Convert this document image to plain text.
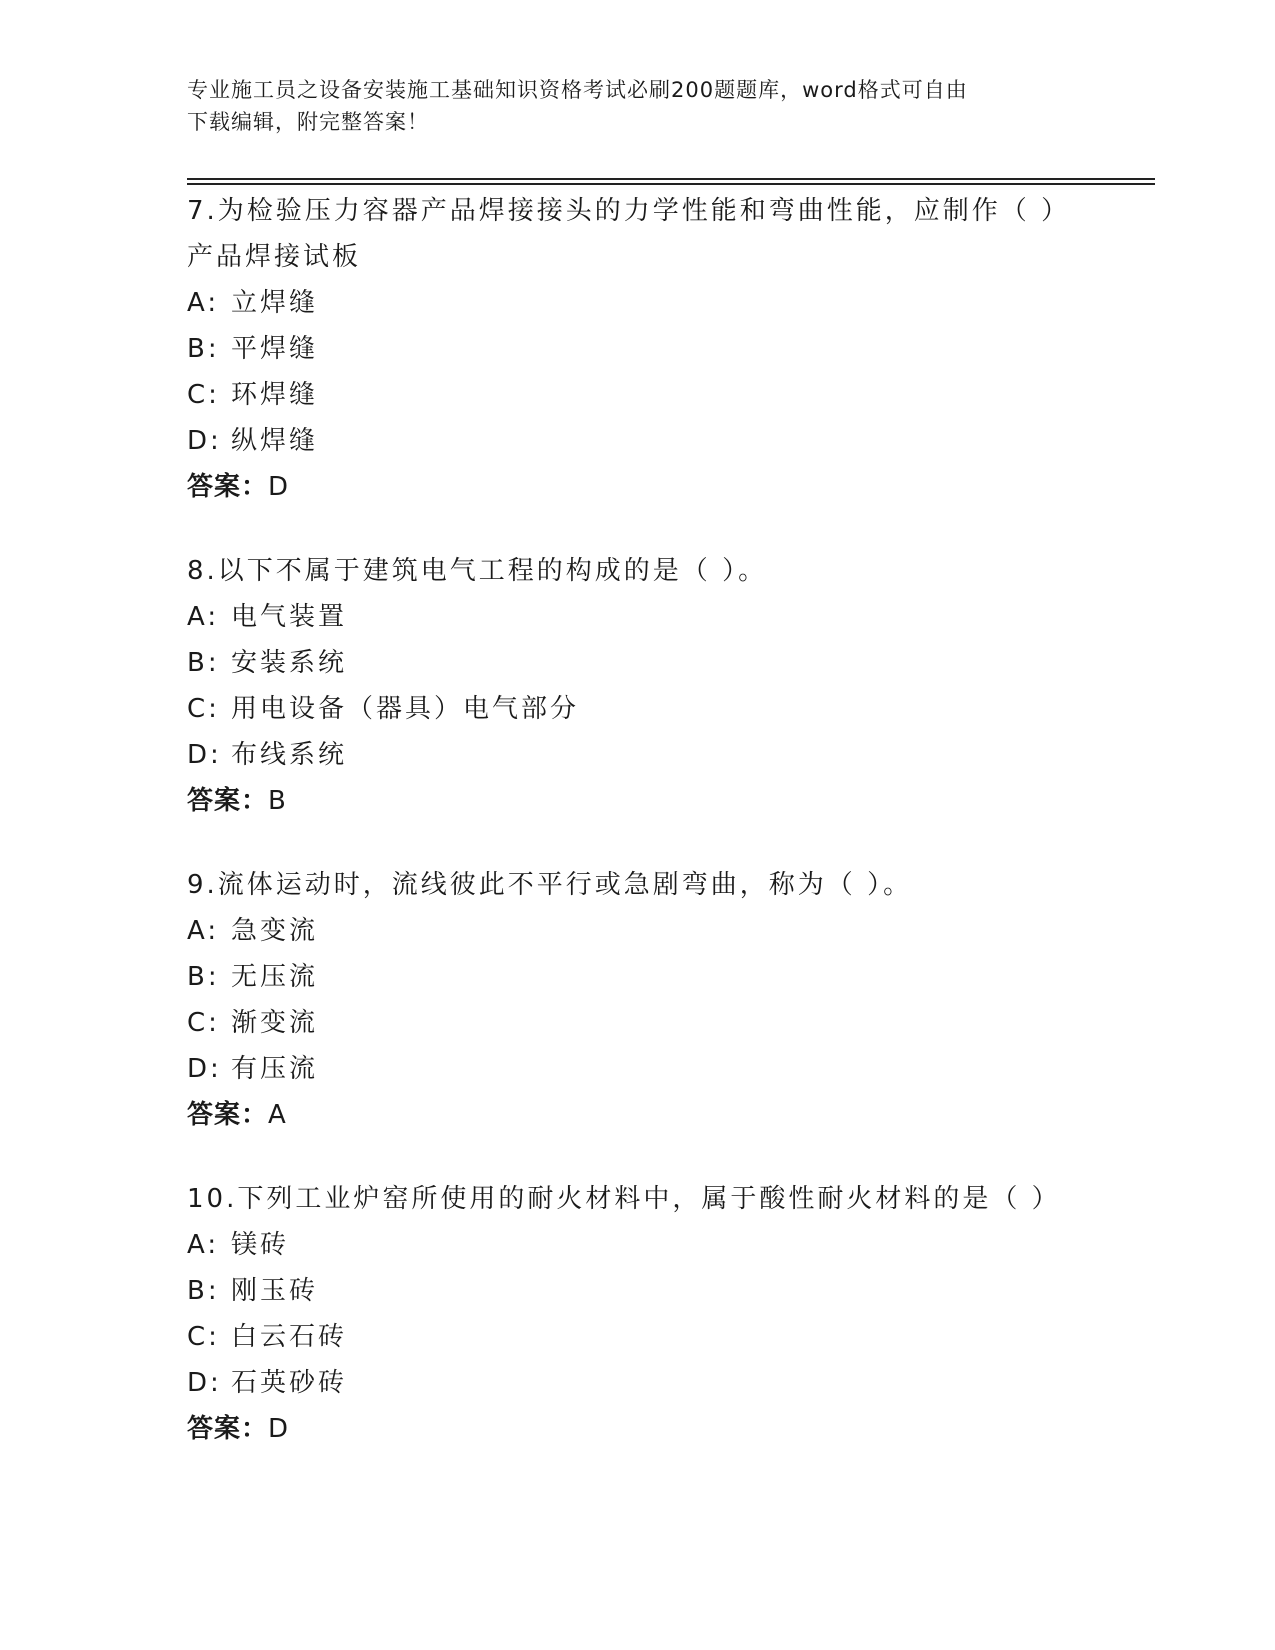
专业施工员之设备安装施工基础知识资格考试必刷200题题库，word格式可自由
下载编辑，附完整答案！
7.为检验压力容器产品焊接接头的力学性能和弯曲性能，应制作（ ）产品焊接试板
A: 立焊缝
B: 平焊缝
C: 环焊缝
D: 纵焊缝
答案：D
8.以下不属于建筑电气工程的构成的是（ ）。
A: 电气装置
B: 安装系统
C: 用电设备（器具）电气部分
D: 布线系统
答案：B
9.流体运动时，流线彼此不平行或急剧弯曲，称为（ ）。
A: 急变流
B: 无压流
C: 渐变流
D: 有压流
答案：A
10.下列工业炉窑所使用的耐火材料中，属于酸性耐火材料的是（ ）
A: 镁砖
B: 刚玉砖
C: 白云石砖
D: 石英砂砖
答案：D
